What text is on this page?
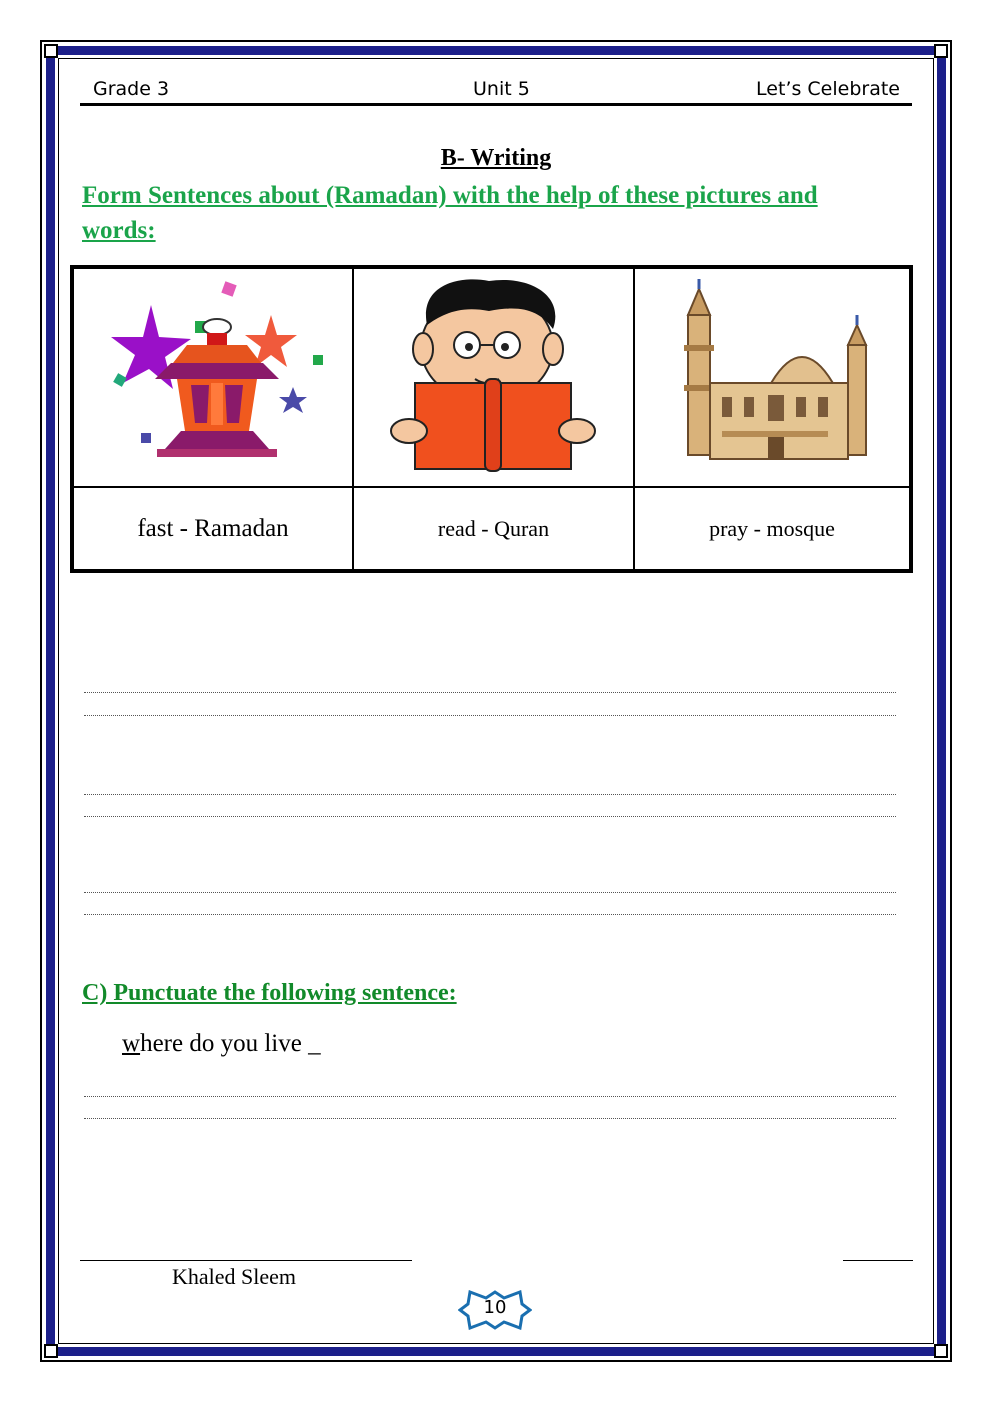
Grade 3	Unit 5	Let’s Celebrate
B- Writing
Form Sentences about (Ramadan) with the help of these pictures and words:

fast - Ramadan	read - Quran	pray - mosque
C) Punctuate the following sentence:
where do you live _
Khaled Sleem
10
